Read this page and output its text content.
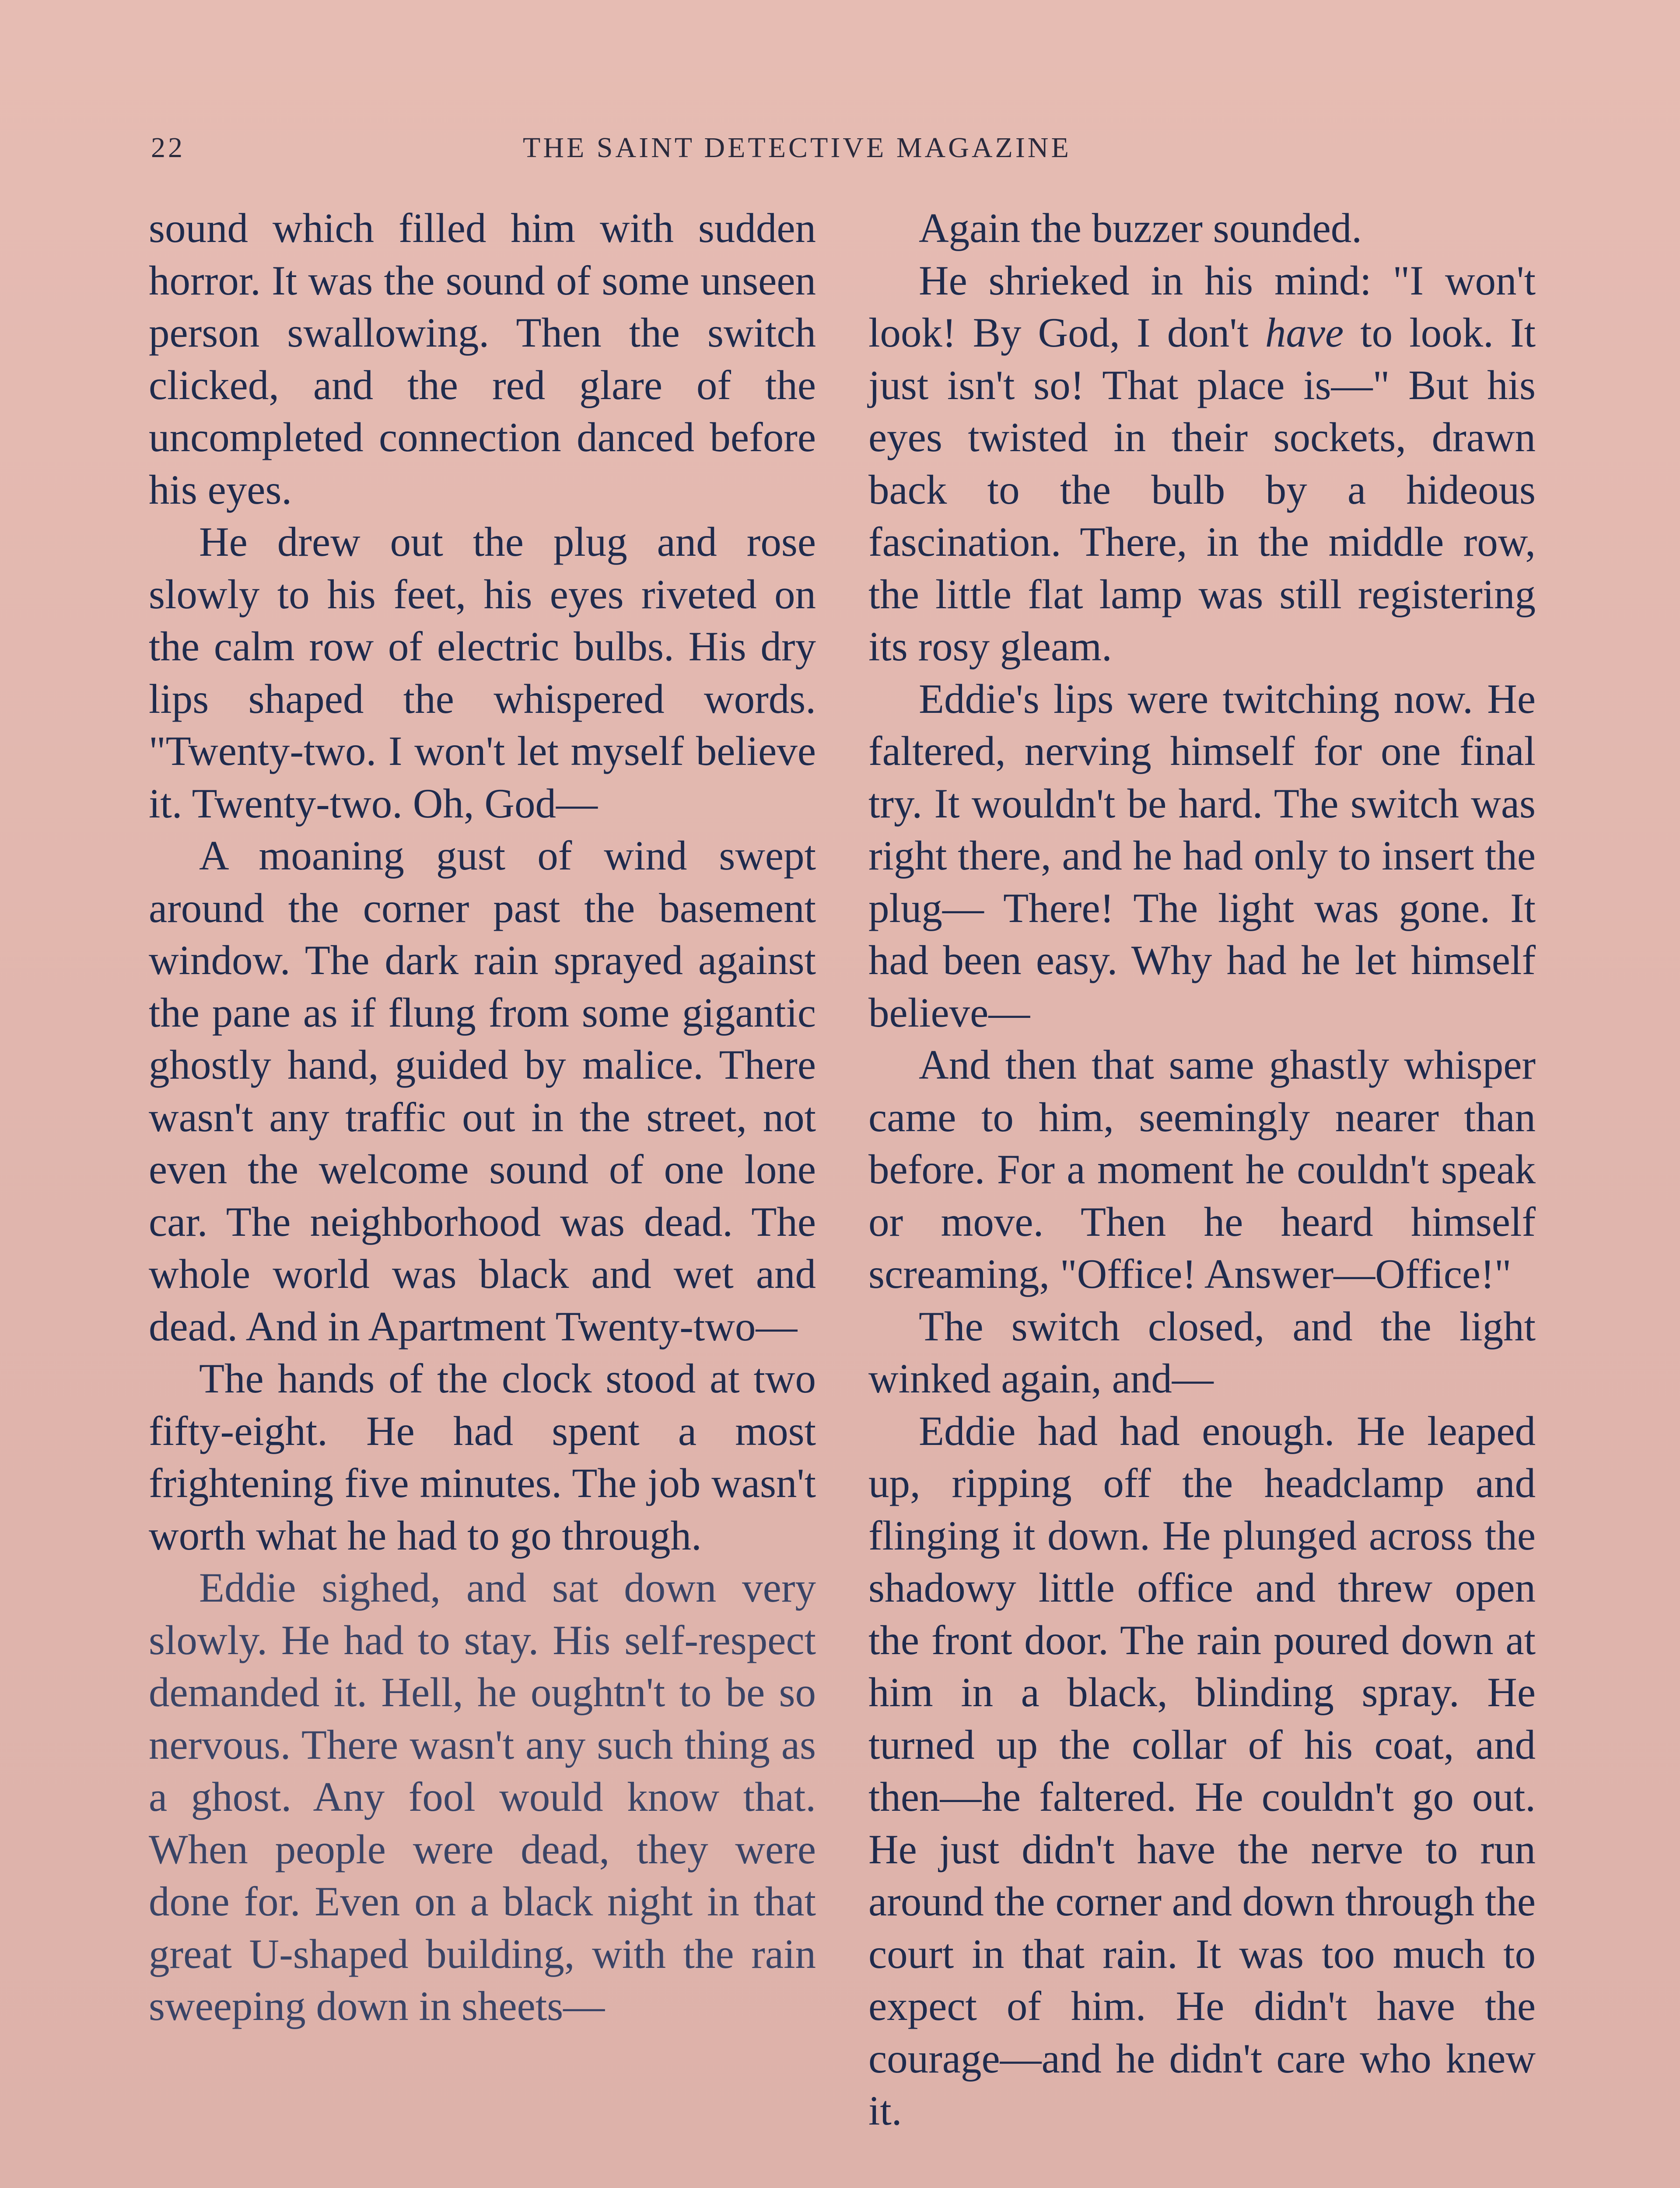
22	THE SAINT DETECTIVE MAGAZINE

sound which filled him with sudden horror. It was the sound of some unseen person swallowing. Then the switch clicked, and the red glare of the uncompleted connection danced before his eyes.

He drew out the plug and rose slowly to his feet, his eyes riveted on the calm row of electric bulbs. His dry lips shaped the whispered words. "Twenty-two. I won't let myself believe it. Twenty-two. Oh, God—

A moaning gust of wind swept around the corner past the basement window. The dark rain sprayed against the pane as if flung from some gigantic ghostly hand, guided by malice. There wasn't any traffic out in the street, not even the welcome sound of one lone car. The neighborhood was dead. The whole world was black and wet and dead. And in Apartment Twenty-two—

The hands of the clock stood at two fifty-eight. He had spent a most frightening five minutes. The job wasn't worth what he had to go through.

Eddie sighed, and sat down very slowly. He had to stay. His self-respect demanded it. Hell, he oughtn't to be so nervous. There wasn't any such thing as a ghost. Any fool would know that. When people were dead, they were done for. Even on a black night in that great U-shaped building, with the rain sweeping down in sheets—

Again the buzzer sounded.

He shrieked in his mind: "I won't look! By God, I don't have to look. It just isn't so! That place is—" But his eyes twisted in their sockets, drawn back to the bulb by a hideous fascination. There, in the middle row, the little flat lamp was still registering its rosy gleam.

Eddie's lips were twitching now. He faltered, nerving himself for one final try. It wouldn't be hard. The switch was right there, and he had only to insert the plug— There! The light was gone. It had been easy. Why had he let himself believe—

And then that same ghastly whisper came to him, seemingly nearer than before. For a moment he couldn't speak or move. Then he heard himself screaming, "Office! Answer—Office!"

The switch closed, and the light winked again, and—

Eddie had had enough. He leaped up, ripping off the headclamp and flinging it down. He plunged across the shadowy little office and threw open the front door. The rain poured down at him in a black, blinding spray. He turned up the collar of his coat, and then—he faltered. He couldn't go out. He just didn't have the nerve to run around the corner and down through the court in that rain. It was too much to expect of him. He didn't have the courage—and he didn't care who knew it.
